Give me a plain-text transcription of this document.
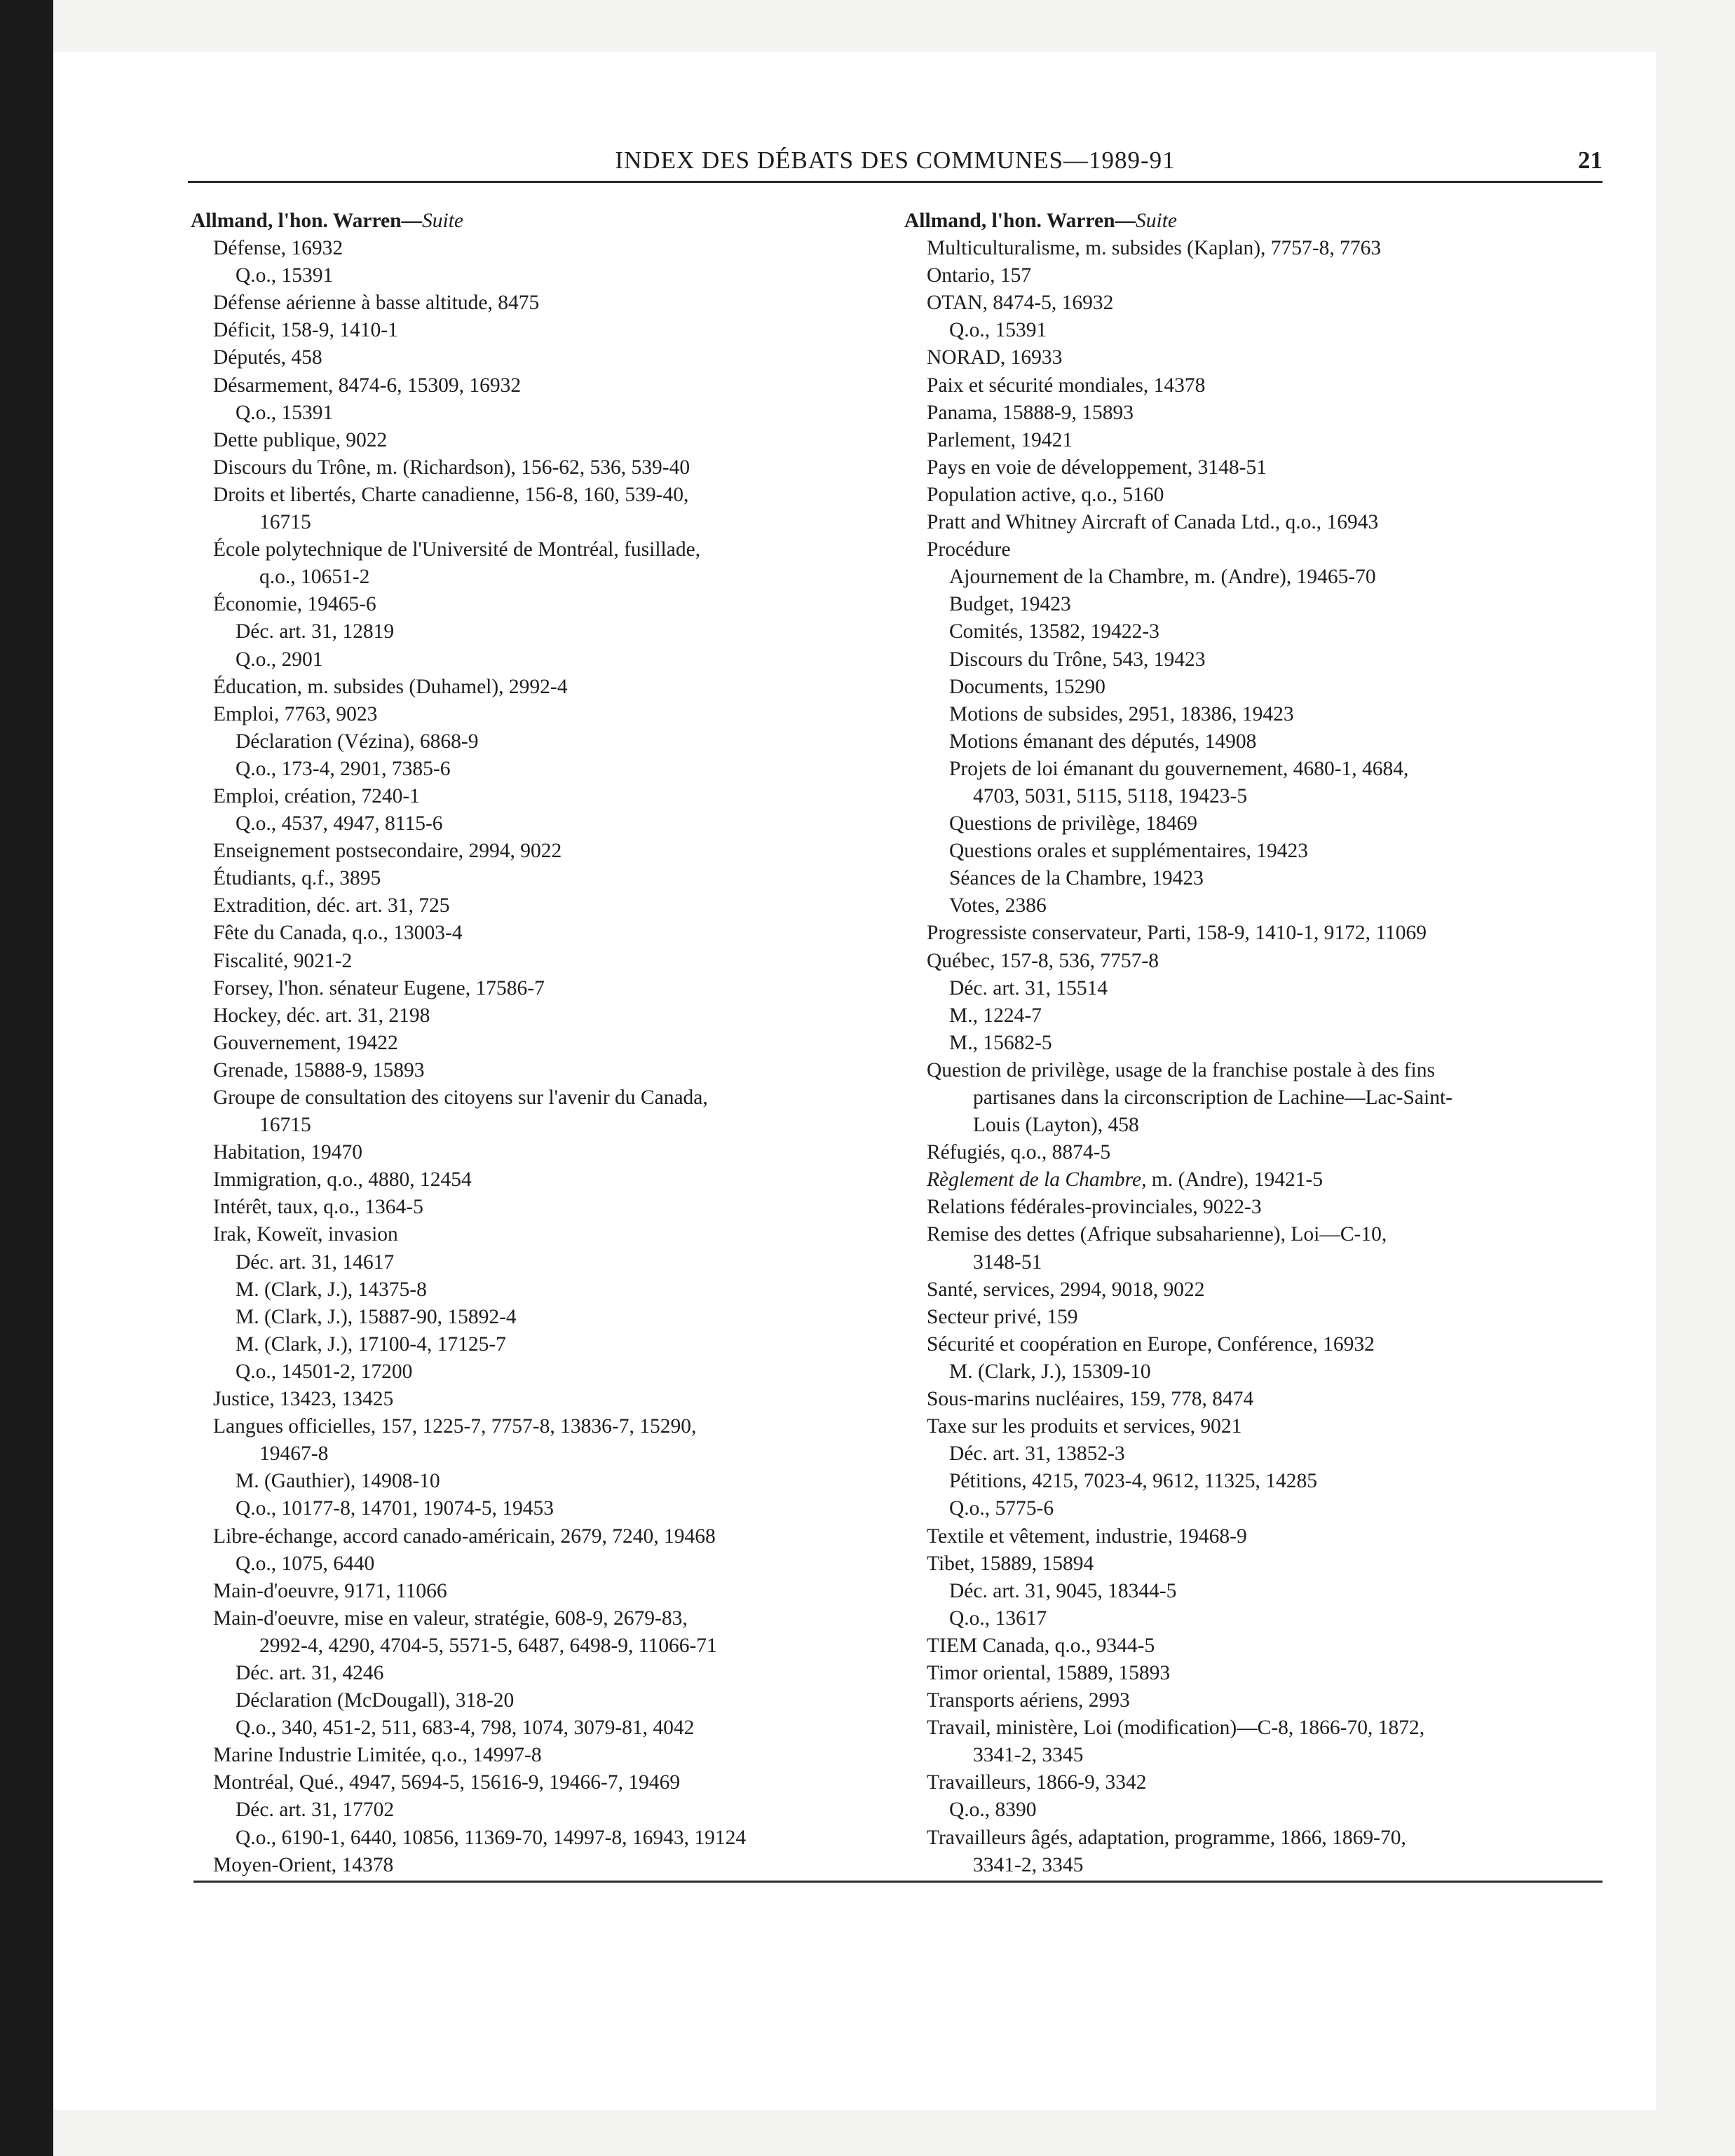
INDEX DES DÉBATS DES COMMUNES—1989-91	21
Allmand, l'hon. Warren—Suite
Défense, 16932
Q.o., 15391
Défense aérienne à basse altitude, 8475
Déficit, 158-9, 1410-1
Députés, 458
Désarmement, 8474-6, 15309, 16932
Q.o., 15391
Dette publique, 9022
Discours du Trône, m. (Richardson), 156-62, 536, 539-40
Droits et libertés, Charte canadienne, 156-8, 160, 539-40,
16715
École polytechnique de l'Université de Montréal, fusillade,
q.o., 10651-2
Économie, 19465-6
Déc. art. 31, 12819
Q.o., 2901
Éducation, m. subsides (Duhamel), 2992-4
Emploi, 7763, 9023
Déclaration (Vézina), 6868-9
Q.o., 173-4, 2901, 7385-6
Emploi, création, 7240-1
Q.o., 4537, 4947, 8115-6
Enseignement postsecondaire, 2994, 9022
Étudiants, q.f., 3895
Extradition, déc. art. 31, 725
Fête du Canada, q.o., 13003-4
Fiscalité, 9021-2
Forsey, l'hon. sénateur Eugene, 17586-7
Hockey, déc. art. 31, 2198
Gouvernement, 19422
Grenade, 15888-9, 15893
Groupe de consultation des citoyens sur l'avenir du Canada,
16715
Habitation, 19470
Immigration, q.o., 4880, 12454
Intérêt, taux, q.o., 1364-5
Irak, Koweït, invasion
Déc. art. 31, 14617
M. (Clark, J.), 14375-8
M. (Clark, J.), 15887-90, 15892-4
M. (Clark, J.), 17100-4, 17125-7
Q.o., 14501-2, 17200
Justice, 13423, 13425
Langues officielles, 157, 1225-7, 7757-8, 13836-7, 15290,
19467-8
M. (Gauthier), 14908-10
Q.o., 10177-8, 14701, 19074-5, 19453
Libre-échange, accord canado-américain, 2679, 7240, 19468
Q.o., 1075, 6440
Main-d'oeuvre, 9171, 11066
Main-d'oeuvre, mise en valeur, stratégie, 608-9, 2679-83,
2992-4, 4290, 4704-5, 5571-5, 6487, 6498-9, 11066-71
Déc. art. 31, 4246
Déclaration (McDougall), 318-20
Q.o., 340, 451-2, 511, 683-4, 798, 1074, 3079-81, 4042
Marine Industrie Limitée, q.o., 14997-8
Montréal, Qué., 4947, 5694-5, 15616-9, 19466-7, 19469
Déc. art. 31, 17702
Q.o., 6190-1, 6440, 10856, 11369-70, 14997-8, 16943, 19124
Moyen-Orient, 14378
Allmand, l'hon. Warren—Suite
Multiculturalisme, m. subsides (Kaplan), 7757-8, 7763
Ontario, 157
OTAN, 8474-5, 16932
Q.o., 15391
NORAD, 16933
Paix et sécurité mondiales, 14378
Panama, 15888-9, 15893
Parlement, 19421
Pays en voie de développement, 3148-51
Population active, q.o., 5160
Pratt and Whitney Aircraft of Canada Ltd., q.o., 16943
Procédure
Ajournement de la Chambre, m. (Andre), 19465-70
Budget, 19423
Comités, 13582, 19422-3
Discours du Trône, 543, 19423
Documents, 15290
Motions de subsides, 2951, 18386, 19423
Motions émanant des députés, 14908
Projets de loi émanant du gouvernement, 4680-1, 4684,
4703, 5031, 5115, 5118, 19423-5
Questions de privilège, 18469
Questions orales et supplémentaires, 19423
Séances de la Chambre, 19423
Votes, 2386
Progressiste conservateur, Parti, 158-9, 1410-1, 9172, 11069
Québec, 157-8, 536, 7757-8
Déc. art. 31, 15514
M., 1224-7
M., 15682-5
Question de privilège, usage de la franchise postale à des fins
partisanes dans la circonscription de Lachine—Lac-Saint-
Louis (Layton), 458
Réfugiés, q.o., 8874-5
Règlement de la Chambre, m. (Andre), 19421-5
Relations fédérales-provinciales, 9022-3
Remise des dettes (Afrique subsaharienne), Loi—C-10,
3148-51
Santé, services, 2994, 9018, 9022
Secteur privé, 159
Sécurité et coopération en Europe, Conférence, 16932
M. (Clark, J.), 15309-10
Sous-marins nucléaires, 159, 778, 8474
Taxe sur les produits et services, 9021
Déc. art. 31, 13852-3
Pétitions, 4215, 7023-4, 9612, 11325, 14285
Q.o., 5775-6
Textile et vêtement, industrie, 19468-9
Tibet, 15889, 15894
Déc. art. 31, 9045, 18344-5
Q.o., 13617
TIEM Canada, q.o., 9344-5
Timor oriental, 15889, 15893
Transports aériens, 2993
Travail, ministère, Loi (modification)—C-8, 1866-70, 1872,
3341-2, 3345
Travailleurs, 1866-9, 3342
Q.o., 8390
Travailleurs âgés, adaptation, programme, 1866, 1869-70,
3341-2, 3345
